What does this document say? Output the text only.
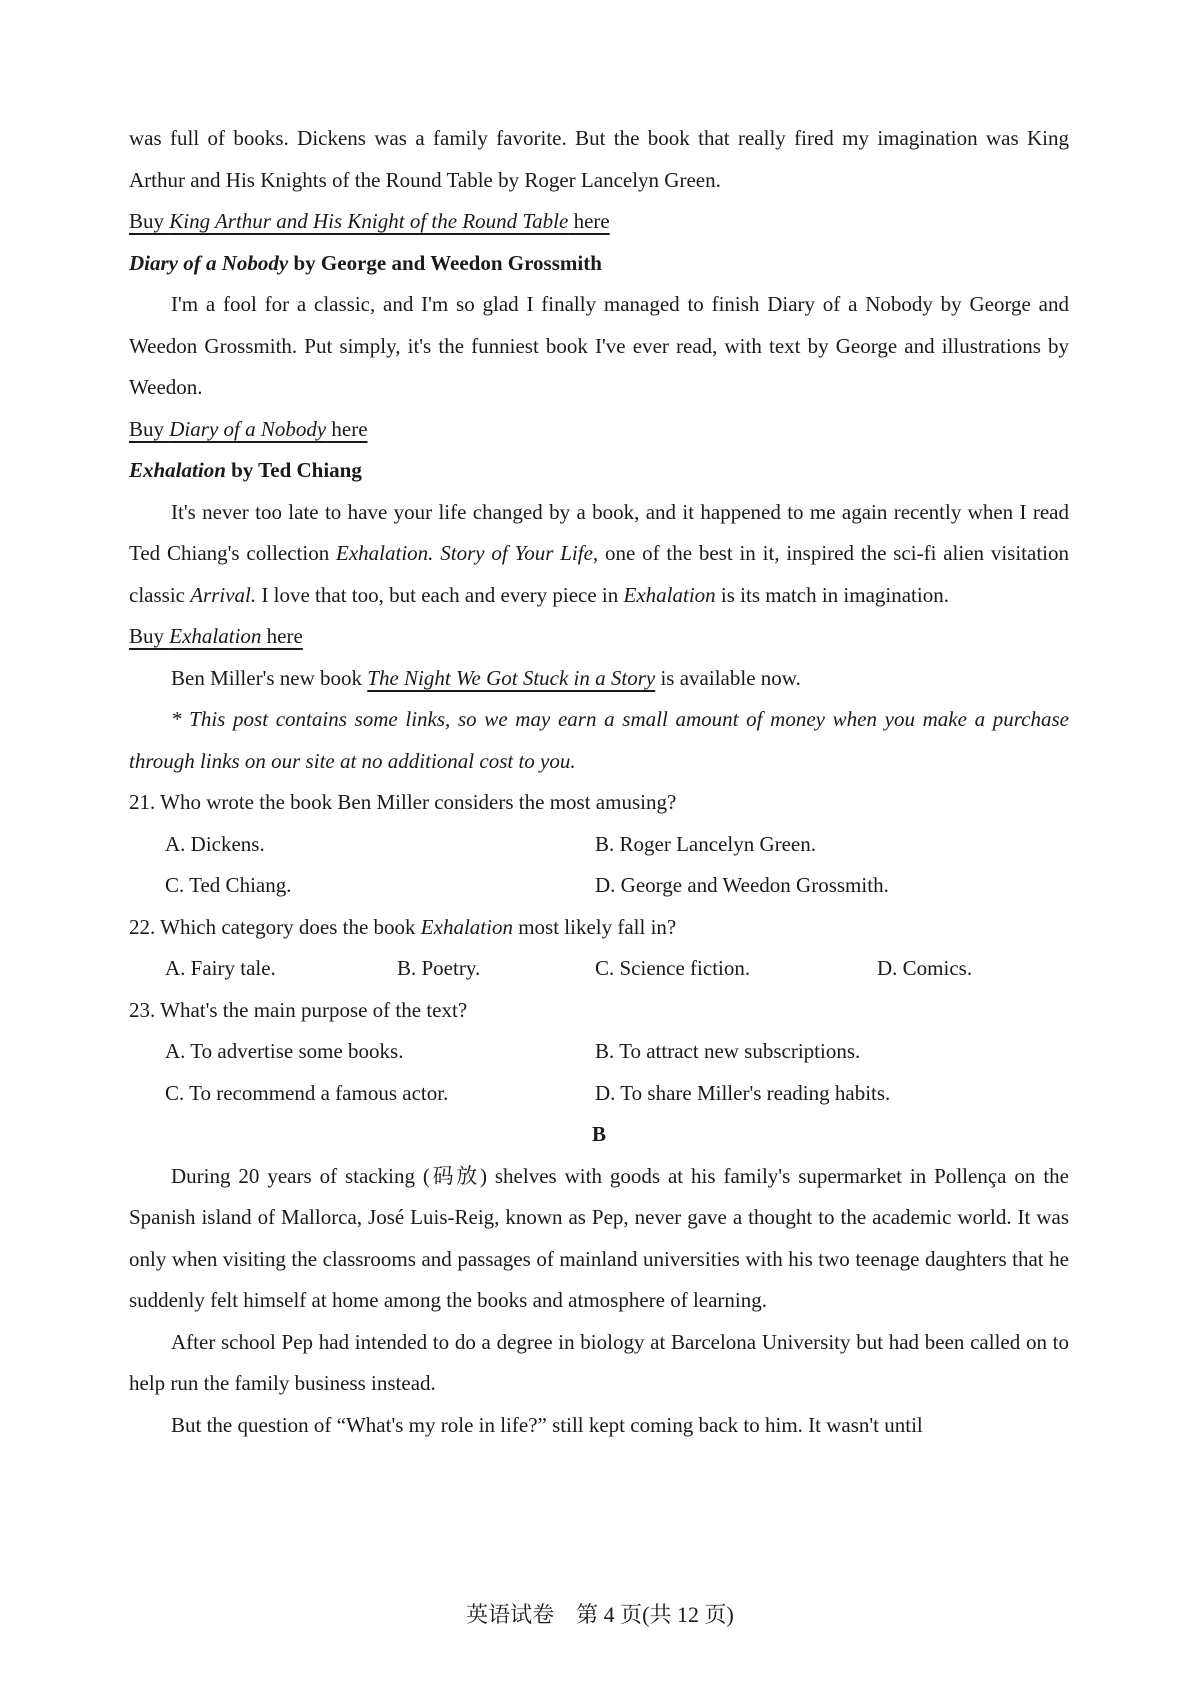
was full of books. Dickens was a family favorite. But the book that really fired my imagination was King Arthur and His Knights of the Round Table by Roger Lancelyn Green.

Buy King Arthur and His Knight of the Round Table here

Diary of a Nobody by George and Weedon Grossmith

I'm a fool for a classic, and I'm so glad I finally managed to finish Diary of a Nobody by George and Weedon Grossmith. Put simply, it's the funniest book I've ever read, with text by George and illustrations by Weedon.

Buy Diary of a Nobody here

Exhalation by Ted Chiang

It's never too late to have your life changed by a book, and it happened to me again recently when I read Ted Chiang's collection Exhalation. Story of Your Life, one of the best in it, inspired the sci-fi alien visitation classic Arrival. I love that too, but each and every piece in Exhalation is its match in imagination.

Buy Exhalation here

Ben Miller's new book The Night We Got Stuck in a Story is available now.

* This post contains some links, so we may earn a small amount of money when you make a purchase through links on our site at no additional cost to you.

21. Who wrote the book Ben Miller considers the most amusing?

A. Dickens.	B. Roger Lancelyn Green.
C. Ted Chiang.	D. George and Weedon Grossmith.

22. Which category does the book Exhalation most likely fall in?

A. Fairy tale.	B. Poetry.	C. Science fiction.	D. Comics.

23. What's the main purpose of the text?

A. To advertise some books.	B. To attract new subscriptions.
C. To recommend a famous actor.	D. To share Miller's reading habits.

B

During 20 years of stacking (码放) shelves with goods at his family's supermarket in Pollença on the Spanish island of Mallorca, José Luis-Reig, known as Pep, never gave a thought to the academic world. It was only when visiting the classrooms and passages of mainland universities with his two teenage daughters that he suddenly felt himself at home among the books and atmosphere of learning.

After school Pep had intended to do a degree in biology at Barcelona University but had been called on to help run the family business instead.

But the question of “What's my role in life?” still kept coming back to him. It wasn't until

英语试卷　第 4 页(共 12 页)
